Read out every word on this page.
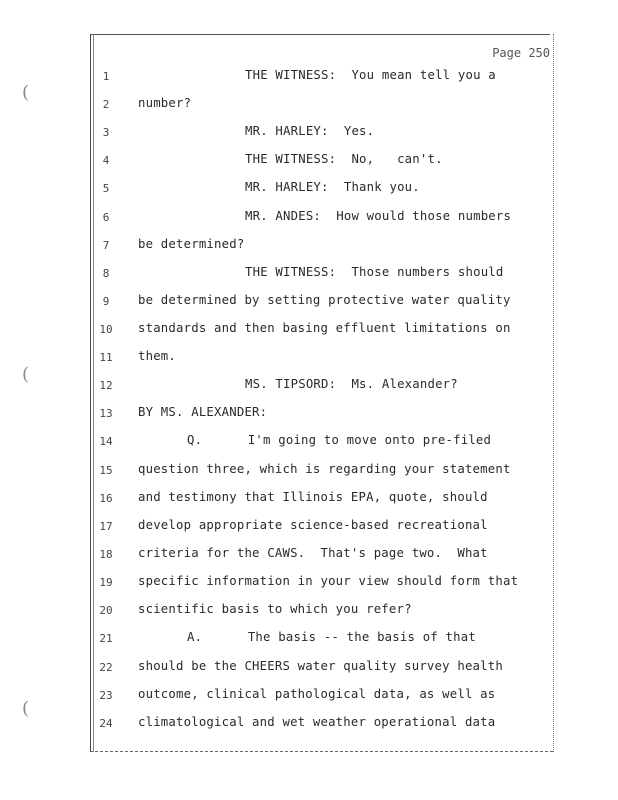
Page 250
(
(
(
1	THE WITNESS:  You mean tell you a
2	number?
3	MR. HARLEY:  Yes.
4	THE WITNESS:  No,   can't.
5	MR. HARLEY:  Thank you.
6	MR. ANDES:  How would those numbers
7	be determined?
8	THE WITNESS:  Those numbers should
9	be determined by setting protective water quality
10 standards and then basing effluent limitations on
11 them.
12	MS. TIPSORD:  Ms. Alexander?
13 BY MS. ALEXANDER:
14	Q.      I'm going to move onto pre-filed
15 question three, which is regarding your statement
16 and testimony that Illinois EPA, quote, should
17 develop appropriate science-based recreational
18 criteria for the CAWS.  That's page two.  What
19 specific information in your view should form that
20 scientific basis to which you refer?
21	A.      The basis -- the basis of that
22 should be the CHEERS water quality survey health
23 outcome, clinical pathological data, as well as
24 climatological and wet weather operational data
